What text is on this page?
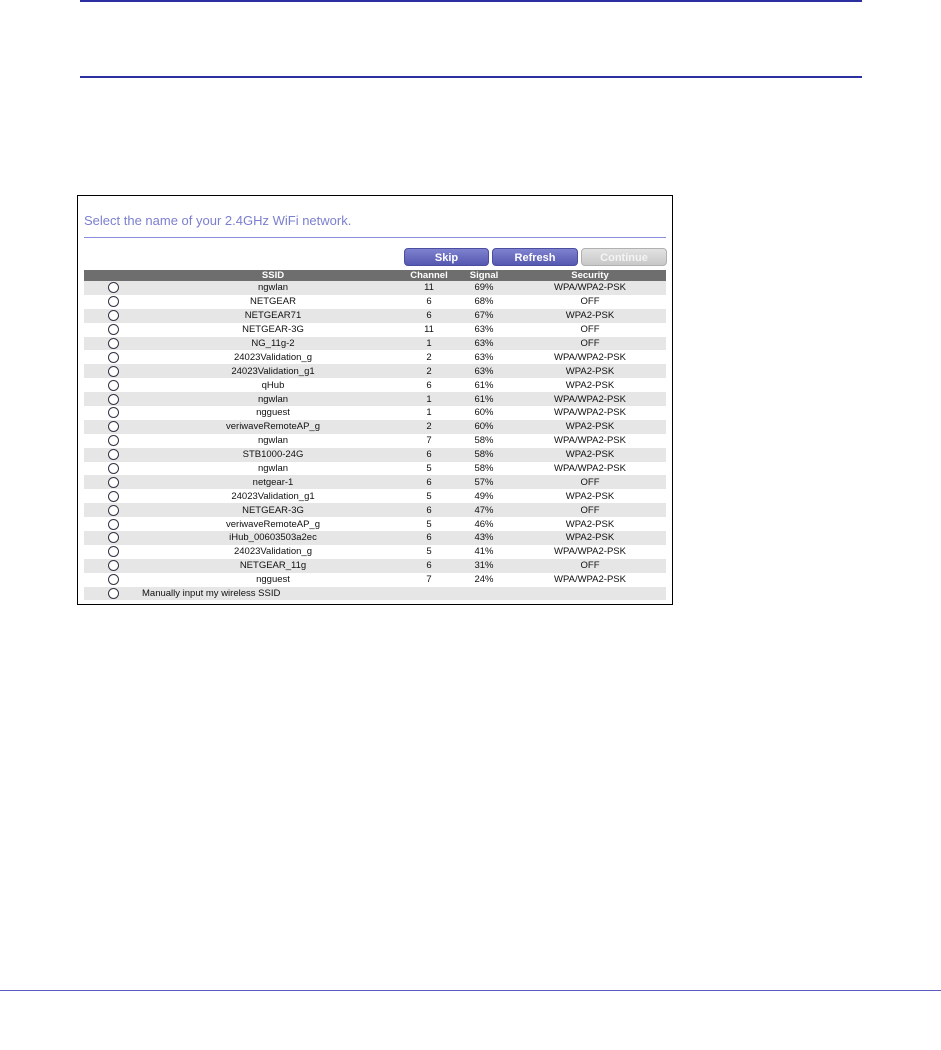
Select the name of your 2.4GHz WiFi network.
Skip	Refresh	Continue
	SSID	Channel	Signal	Security
	ngwlan	11	69%	WPA/WPA2-PSK
	NETGEAR	6	68%	OFF
	NETGEAR71	6	67%	WPA2-PSK
	NETGEAR-3G	11	63%	OFF
	NG_11g-2	1	63%	OFF
	24023Validation_g	2	63%	WPA/WPA2-PSK
	24023Validation_g1	2	63%	WPA2-PSK
	qHub	6	61%	WPA2-PSK
	ngwlan	1	61%	WPA/WPA2-PSK
	ngguest	1	60%	WPA/WPA2-PSK
	veriwaveRemoteAP_g	2	60%	WPA2-PSK
	ngwlan	7	58%	WPA/WPA2-PSK
	STB1000-24G	6	58%	WPA2-PSK
	ngwlan	5	58%	WPA/WPA2-PSK
	netgear-1	6	57%	OFF
	24023Validation_g1	5	49%	WPA2-PSK
	NETGEAR-3G	6	47%	OFF
	veriwaveRemoteAP_g	5	46%	WPA2-PSK
	iHub_00603503a2ec	6	43%	WPA2-PSK
	24023Validation_g	5	41%	WPA/WPA2-PSK
	NETGEAR_11g	6	31%	OFF
	ngguest	7	24%	WPA/WPA2-PSK
	Manually input my wireless SSID			
